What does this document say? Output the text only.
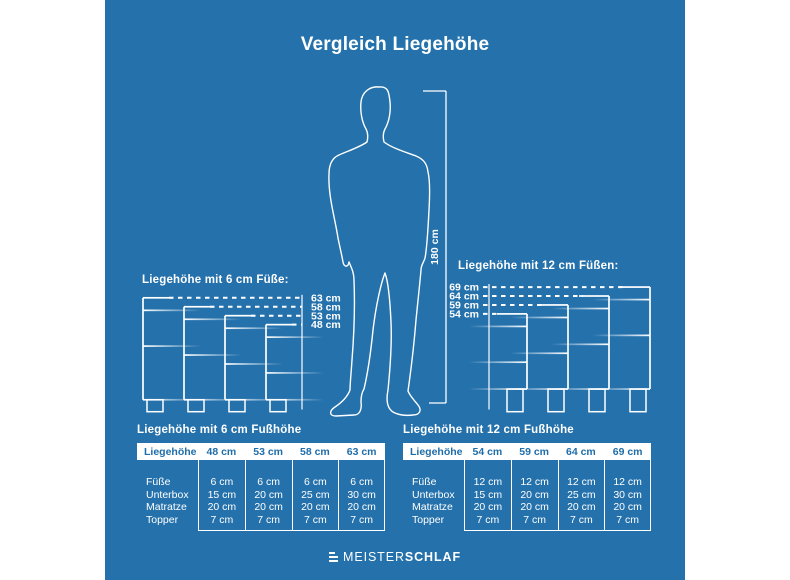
Vergleich Liegehöhe
180 cm
63 cm
58 cm
53 cm
48 cm
54 cm
59 cm
64 cm
69 cm
Liegehöhe mit 6 cm Füße:
Liegehöhe mit 12 cm Füßen:
Liegehöhe mit 6 cm Fußhöhe
Liegehöhe 48 cm	53 cm	58 cm	63 cm
Füße	6 cm	6 cm	6 cm	6 cm
Unterbox	15 cm	20 cm	25 cm	30 cm
Matratze	20 cm	20 cm	20 cm	20 cm
Topper	7 cm	7 cm	7 cm	7 cm
Liegehöhe mit 12 cm Fußhöhe
Liegehöhe 54 cm	59 cm	64 cm	69 cm
Füße	12 cm	12 cm	12 cm	12 cm
Unterbox	15 cm	20 cm	25 cm	30 cm
Matratze	20 cm	20 cm	20 cm	20 cm
Topper	7 cm	7 cm	7 cm	7 cm
MEISTER SCHLAF
